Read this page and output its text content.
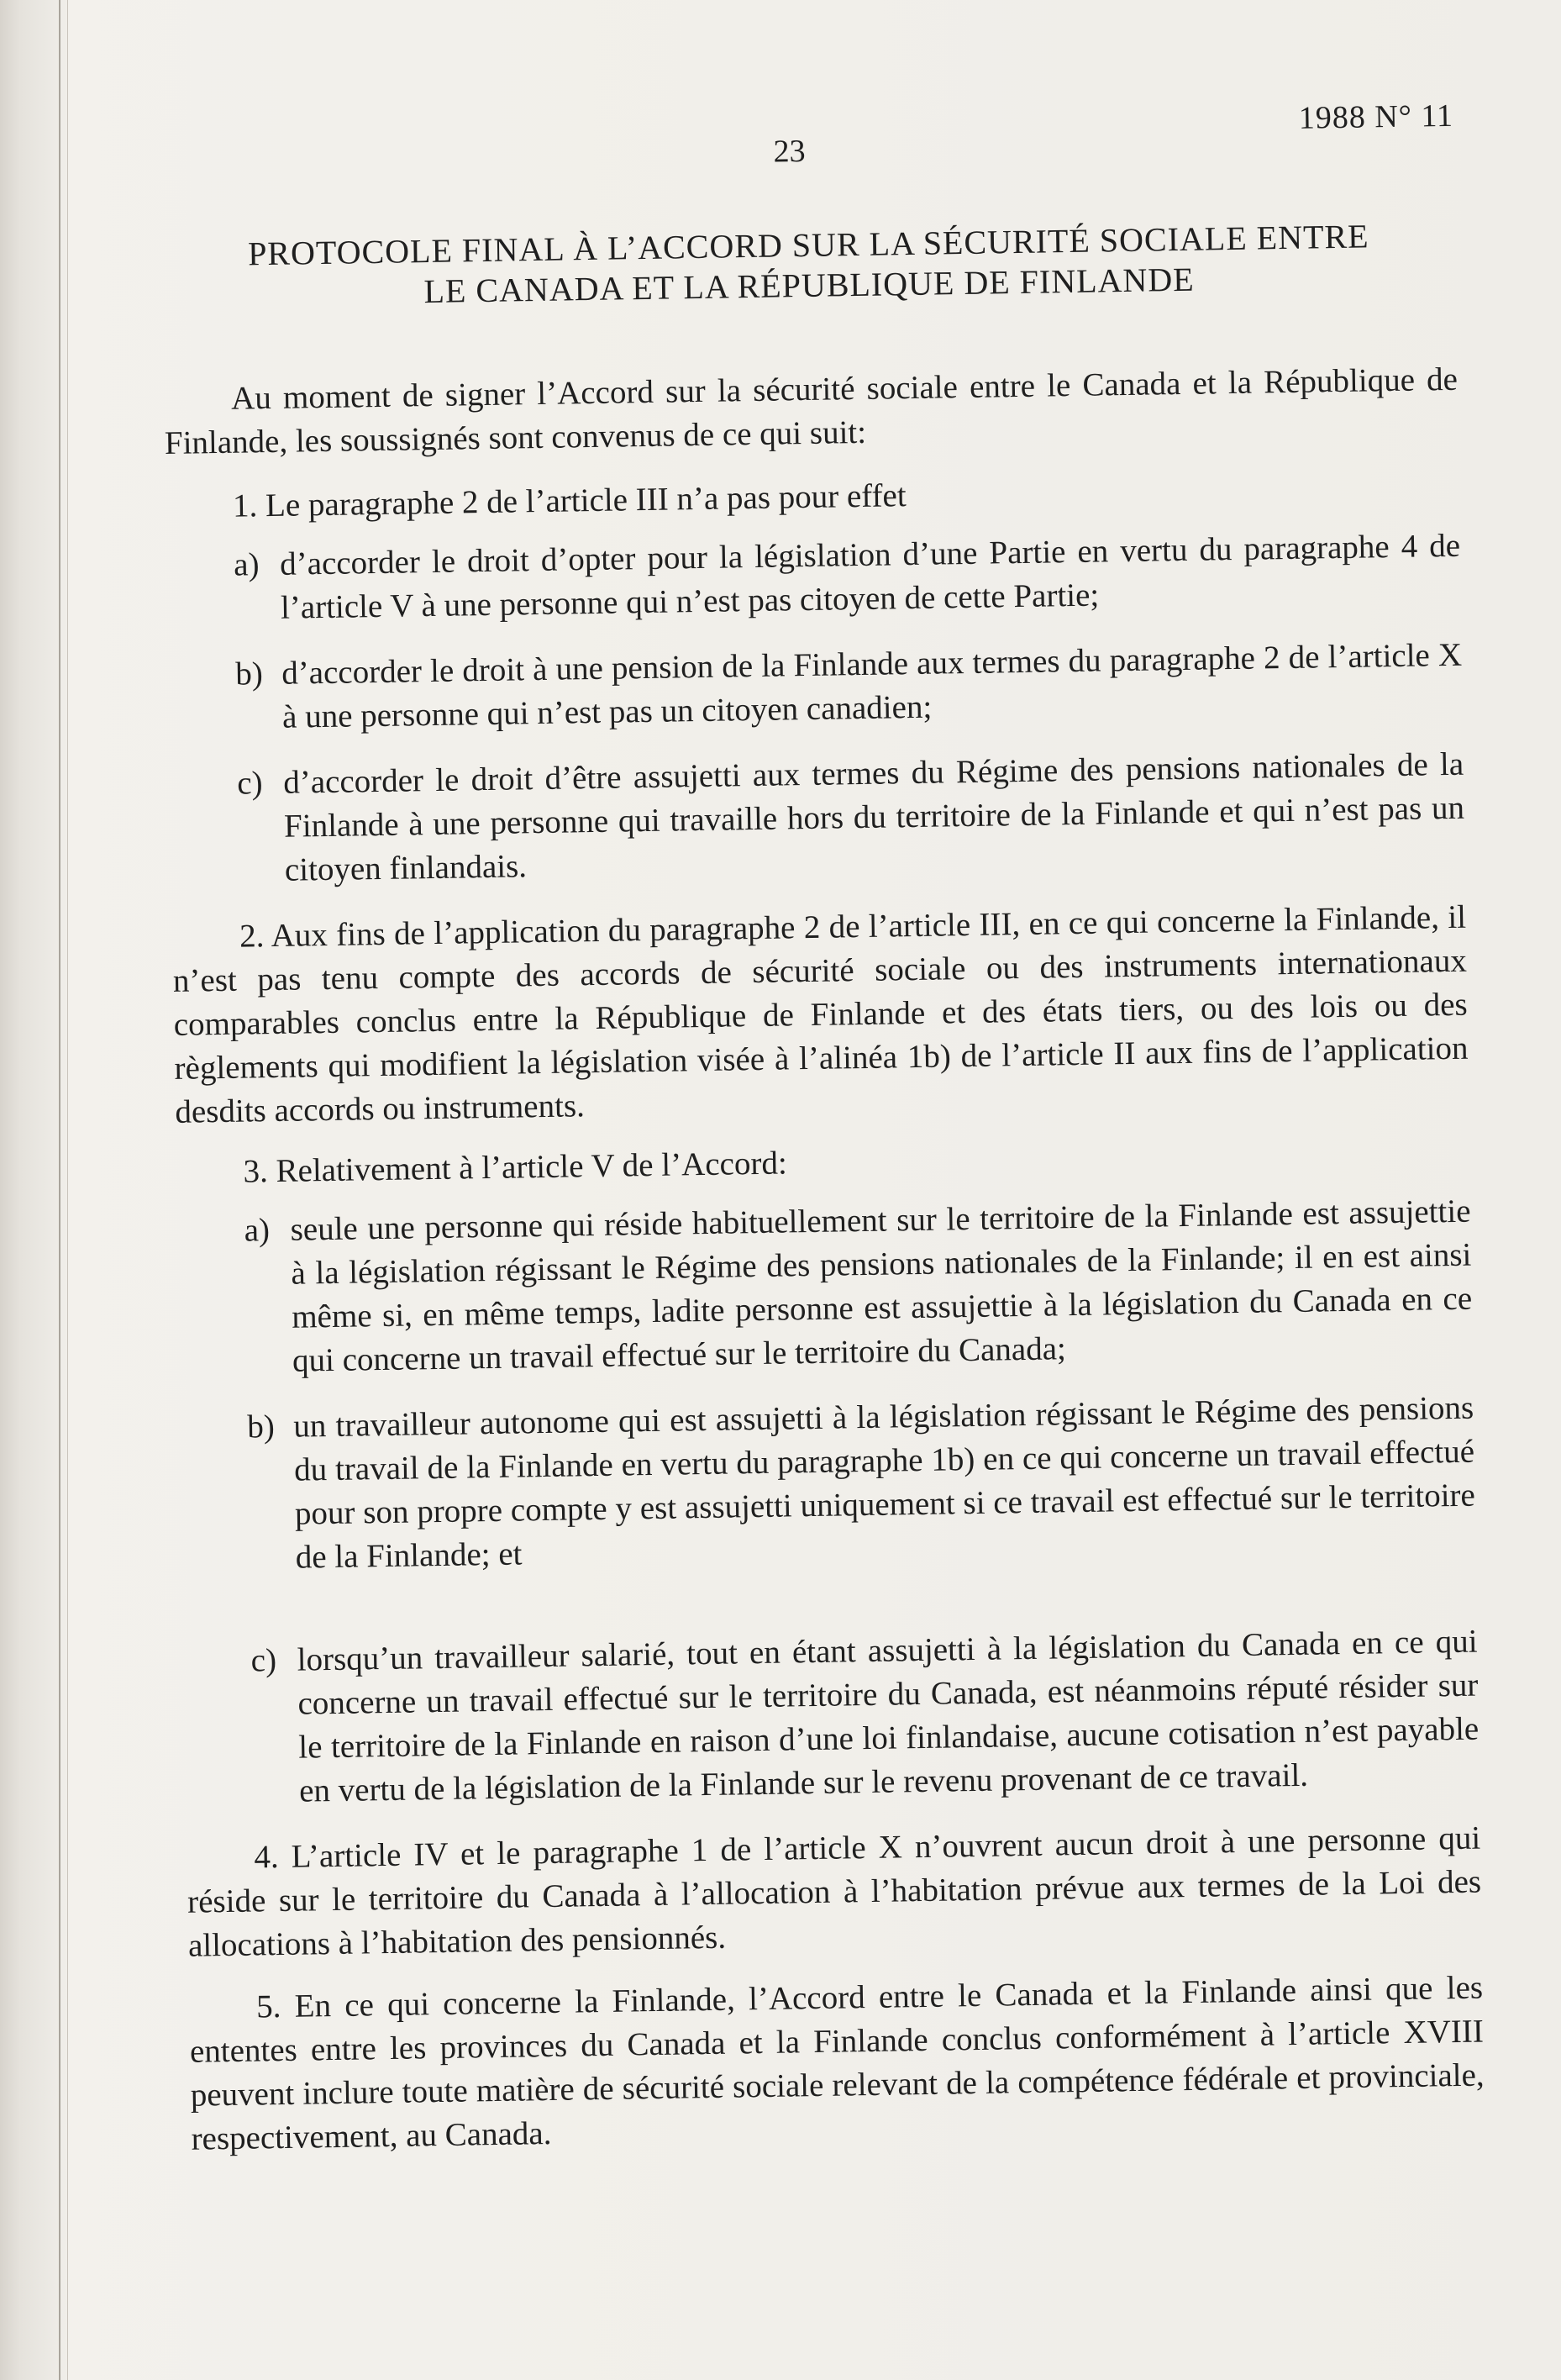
23
1988 N° 11
PROTOCOLE FINAL À L’ACCORD SUR LA SÉCURITÉ SOCIALE ENTRE
LE CANADA ET LA RÉPUBLIQUE DE FINLANDE

Au moment de signer l’Accord sur la sécurité sociale entre le Canada et la République de Finlande, les soussignés sont convenus de ce qui suit:

1. Le paragraphe 2 de l’article III n’a pas pour effet

a) d’accorder le droit d’opter pour la législation d’une Partie en vertu du paragraphe 4 de l’article V à une personne qui n’est pas citoyen de cette Partie;
b) d’accorder le droit à une pension de la Finlande aux termes du paragraphe 2 de l’article X à une personne qui n’est pas un citoyen canadien;
c) d’accorder le droit d’être assujetti aux termes du Régime des pensions nationales de la Finlande à une personne qui travaille hors du territoire de la Finlande et qui n’est pas un citoyen finlandais.

2. Aux fins de l’application du paragraphe 2 de l’article III, en ce qui concerne la Finlande, il n’est pas tenu compte des accords de sécurité sociale ou des instruments internationaux comparables conclus entre la République de Finlande et des états tiers, ou des lois ou des règlements qui modifient la législation visée à l’alinéa 1b) de l’article II aux fins de l’application desdits accords ou instruments.

3. Relativement à l’article V de l’Accord:

a) seule une personne qui réside habituellement sur le territoire de la Finlande est assujettie à la législation régissant le Régime des pensions nationales de la Finlande; il en est ainsi même si, en même temps, ladite personne est assujettie à la législation du Canada en ce qui concerne un travail effectué sur le territoire du Canada;
b) un travailleur autonome qui est assujetti à la législation régissant le Régime des pensions du travail de la Finlande en vertu du paragraphe 1b) en ce qui concerne un travail effectué pour son propre compte y est assujetti uniquement si ce travail est effectué sur le territoire de la Finlande; et
c) lorsqu’un travailleur salarié, tout en étant assujetti à la législation du Canada en ce qui concerne un travail effectué sur le territoire du Canada, est néanmoins réputé résider sur le territoire de la Finlande en raison d’une loi finlandaise, aucune cotisation n’est payable en vertu de la législation de la Finlande sur le revenu provenant de ce travail.

4. L’article IV et le paragraphe 1 de l’article X n’ouvrent aucun droit à une personne qui réside sur le territoire du Canada à l’allocation à l’habitation prévue aux termes de la Loi des allocations à l’habitation des pensionnés.

5. En ce qui concerne la Finlande, l’Accord entre le Canada et la Finlande ainsi que les ententes entre les provinces du Canada et la Finlande conclus conformément à l’article XVIII peuvent inclure toute matière de sécurité sociale relevant de la compétence fédérale et provinciale, respectivement, au Canada.
